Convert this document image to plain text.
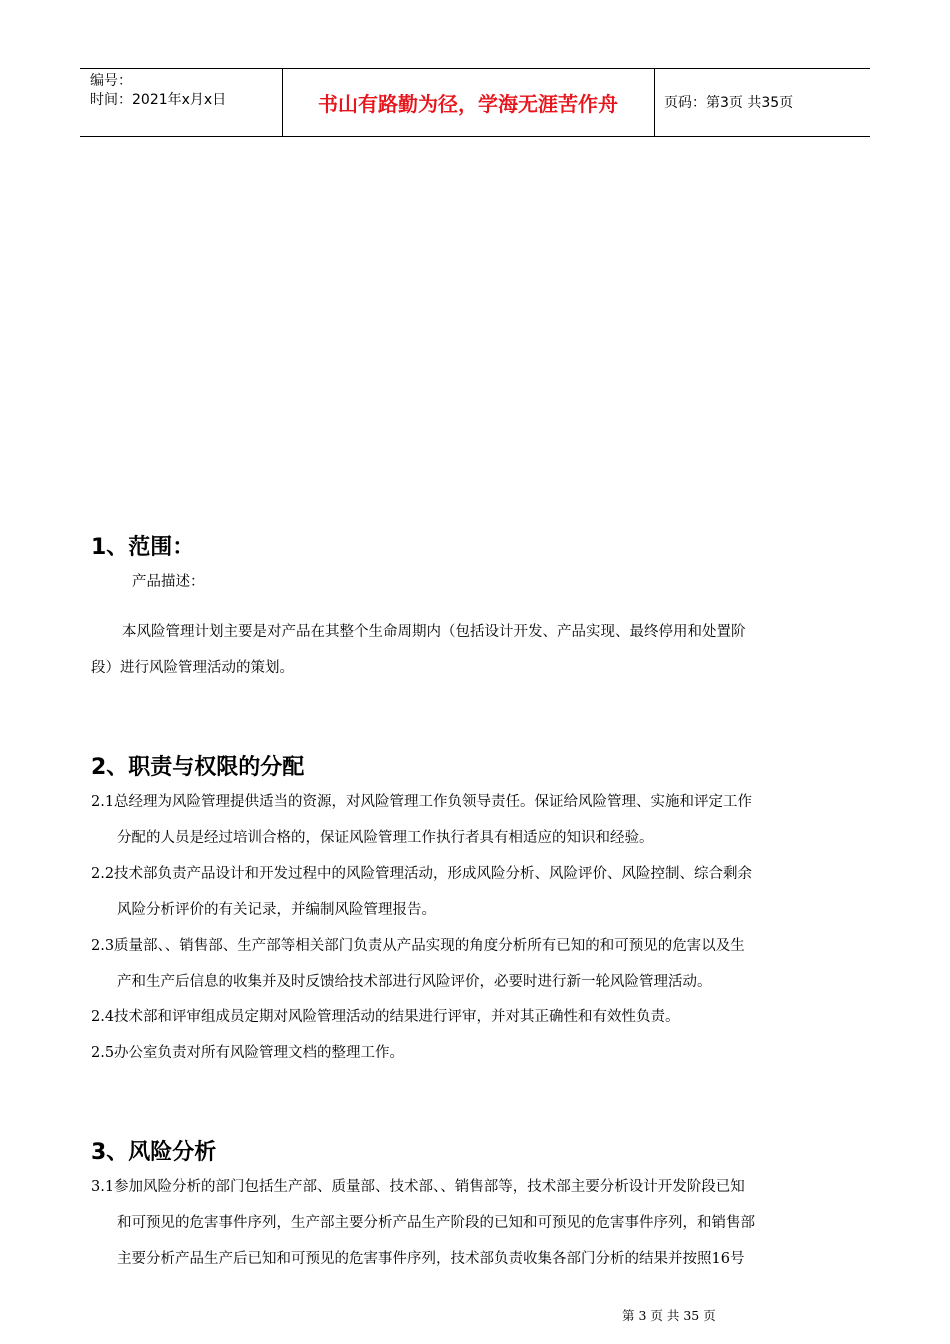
编号：
时间：2021年x月x日	书山有路勤为径，学海无涯苦作舟	页码：第3页 共35页
1、范围：
产品描述：
本风险管理计划主要是对产品在其整个生命周期内（包括设计开发、产品实现、最终停用和处置阶
段）进行风险管理活动的策划。
2、职责与权限的分配
2.1总经理为风险管理提供适当的资源，对风险管理工作负领导责任。保证给风险管理、实施和评定工作
分配的人员是经过培训合格的，保证风险管理工作执行者具有相适应的知识和经验。
2.2技术部负责产品设计和开发过程中的风险管理活动，形成风险分析、风险评价、风险控制、综合剩余
风险分析评价的有关记录，并编制风险管理报告。
2.3质量部、、销售部、生产部等相关部门负责从产品实现的角度分析所有已知的和可预见的危害以及生
产和生产后信息的收集并及时反馈给技术部进行风险评价，必要时进行新一轮风险管理活动。
2.4技术部和评审组成员定期对风险管理活动的结果进行评审，并对其正确性和有效性负责。
2.5办公室负责对所有风险管理文档的整理工作。
3、风险分析
3.1参加风险分析的部门包括生产部、质量部、技术部、、销售部等，技术部主要分析设计开发阶段已知
和可预见的危害事件序列，生产部主要分析产品生产阶段的已知和可预见的危害事件序列，和销售部
主要分析产品生产后已知和可预见的危害事件序列，技术部负责收集各部门分析的结果并按照16号
第 3 页 共 35 页
